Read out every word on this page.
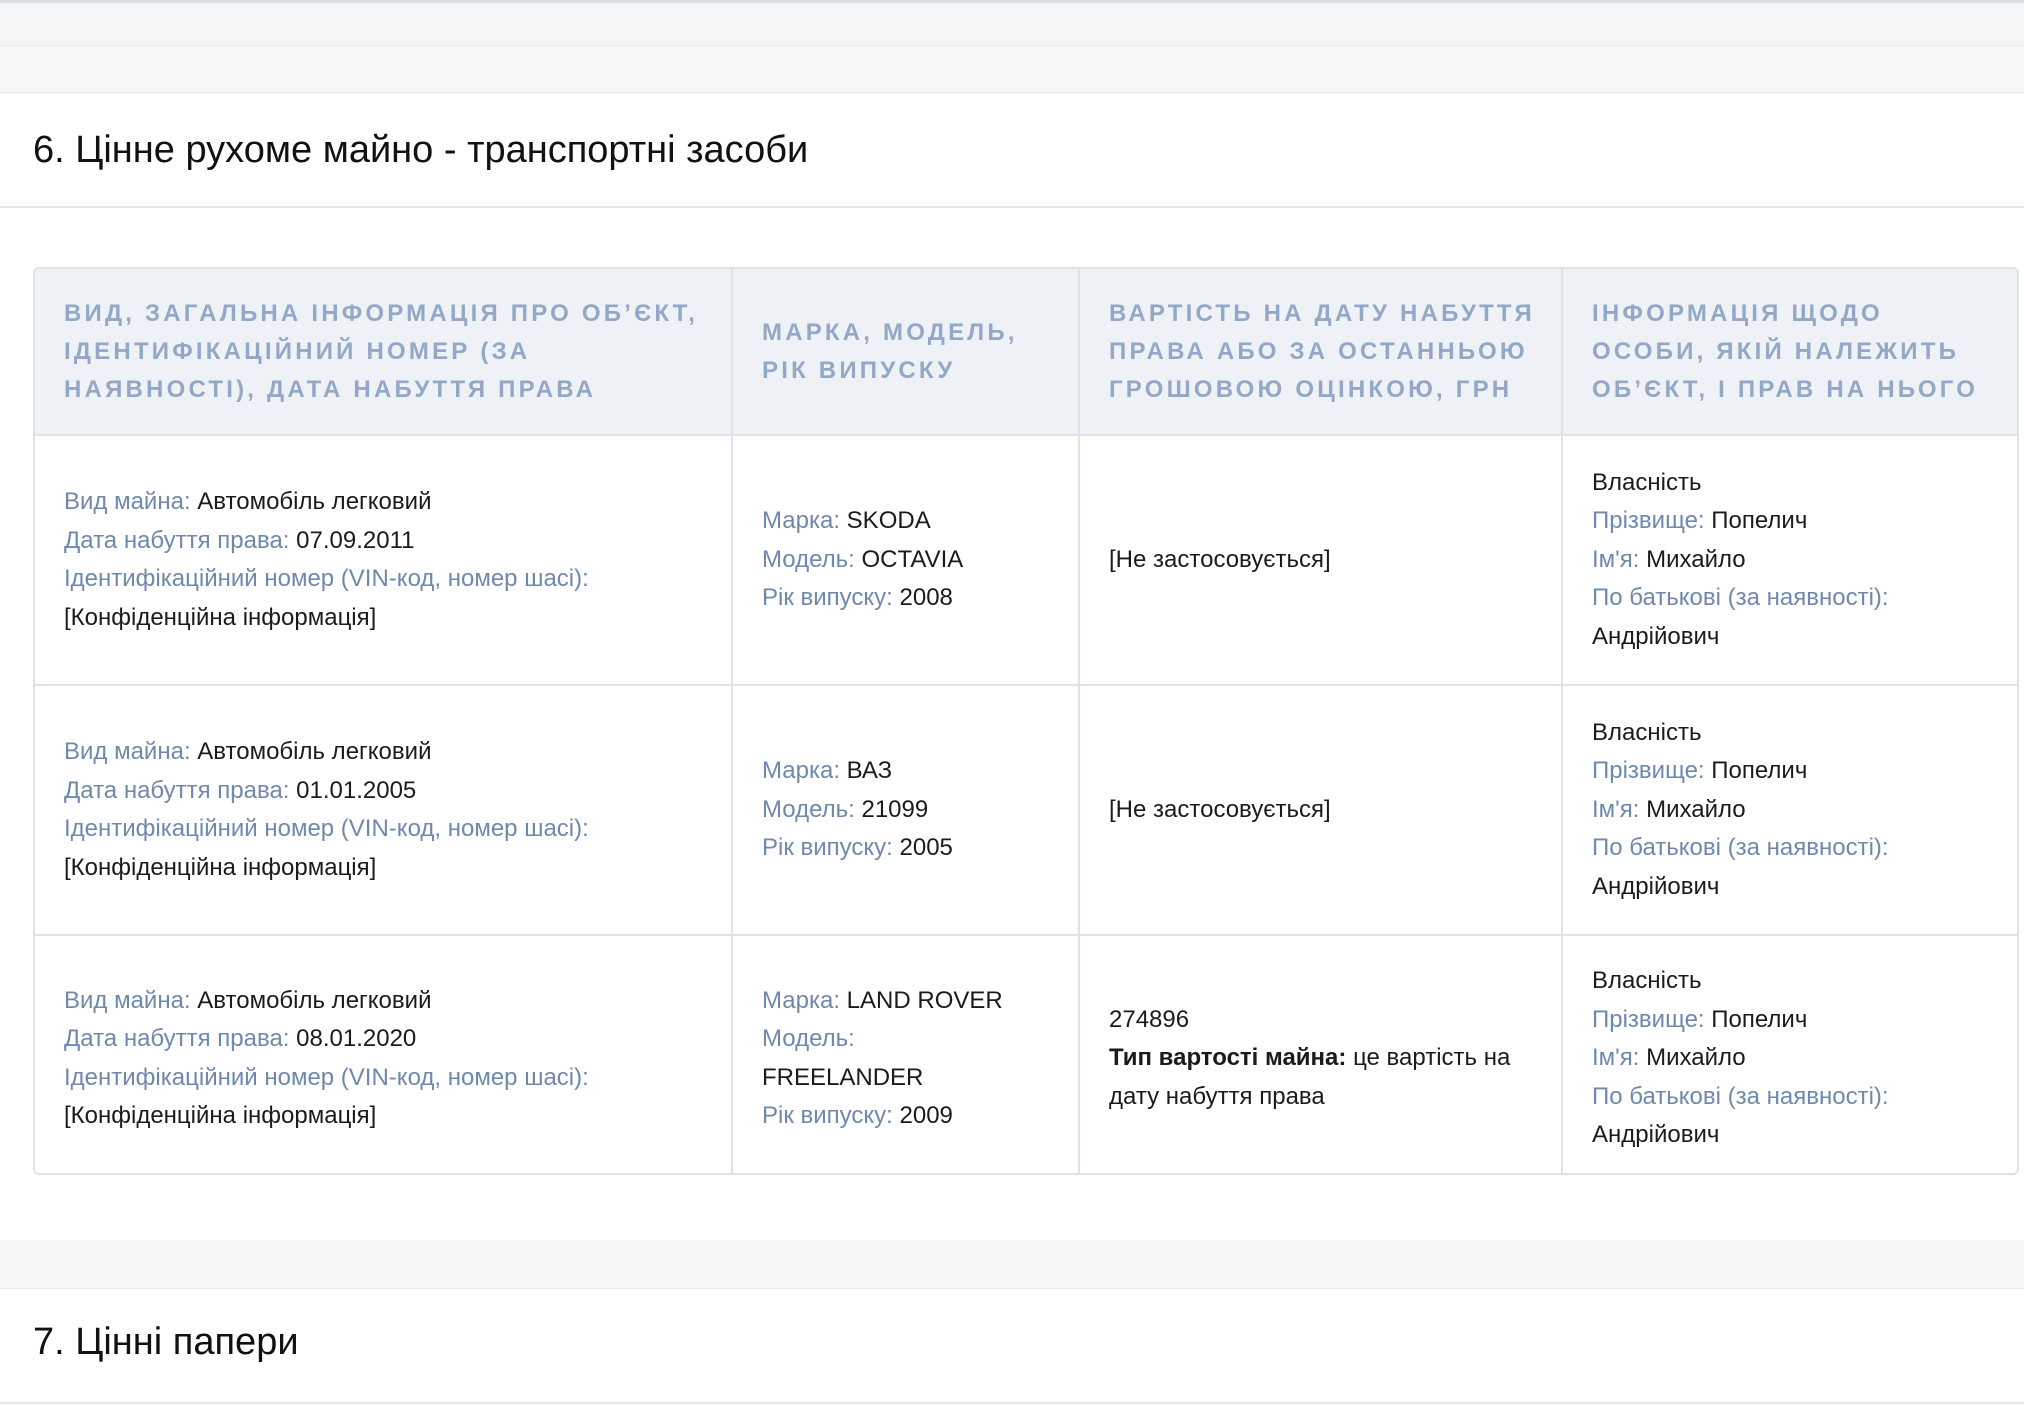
6. Цінне рухоме майно - транспортні засоби
ВИД, ЗАГАЛЬНА ІНФОРМАЦІЯ ПРО ОБ’ЄКТ, ІДЕНТИФІКАЦІЙНИЙ НОМЕР (ЗА НАЯВНОСТІ), ДАТА НАБУТТЯ ПРАВА	МАРКА, МОДЕЛЬ, РІК ВИПУСКУ	ВАРТІСТЬ НА ДАТУ НАБУТТЯ ПРАВА АБО ЗА ОСТАННЬОЮ ГРОШОВОЮ ОЦІНКОЮ, ГРН	ІНФОРМАЦІЯ ЩОДО ОСОБИ, ЯКІЙ НАЛЕЖИТЬ ОБ’ЄКТ, І ПРАВ НА НЬОГО

Вид майна: Автомобіль легковий
Дата набуття права: 07.09.2011
Ідентифікаційний номер (VIN-код, номер шасі):
[Конфіденційна інформація]	Марка: SKODA
Модель: OCTAVIA
Рік випуску: 2008	[Не застосовується]	Власність
Прізвище: Попелич
Ім'я: Михайло
По батькові (за наявності):
Андрійович

Вид майна: Автомобіль легковий
Дата набуття права: 01.01.2005
Ідентифікаційний номер (VIN-код, номер шасі):
[Конфіденційна інформація]	Марка: ВАЗ
Модель: 21099
Рік випуску: 2005	[Не застосовується]	Власність
Прізвище: Попелич
Ім'я: Михайло
По батькові (за наявності):
Андрійович

Вид майна: Автомобіль легковий
Дата набуття права: 08.01.2020
Ідентифікаційний номер (VIN-код, номер шасі):
[Конфіденційна інформація]	Марка: LAND ROVER
Модель:
FREELANDER
Рік випуску: 2009	274896
Тип вартості майна: це вартість на дату набуття права	Власність
Прізвище: Попелич
Ім'я: Михайло
По батькові (за наявності):
Андрійович
7. Цінні папери
